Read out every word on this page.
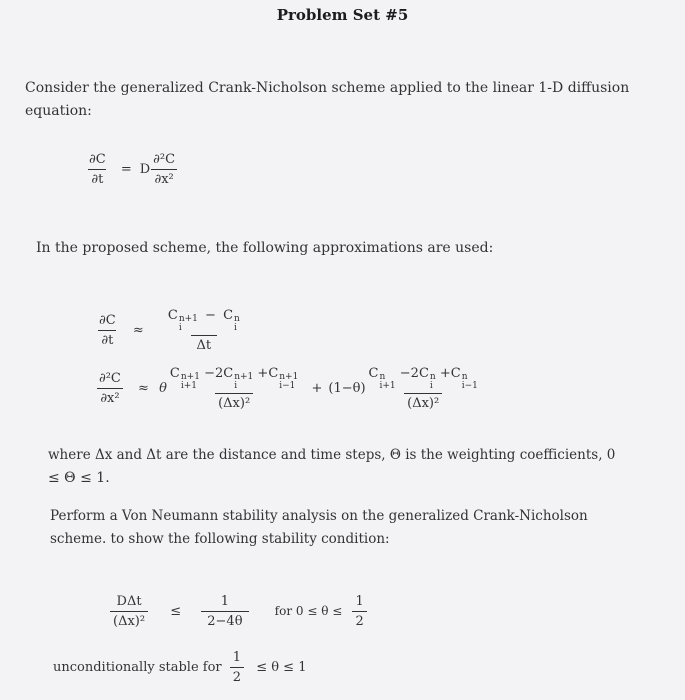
Problem Set #5
Consider the generalized Crank-Nicholson scheme applied to the linear 1-D diffusion
equation:
$\frac{\partial C}{\partial t} = D \frac{\text{∂²C}}{\text{∂x²}}$
In the proposed scheme, the following approximations are used:
$\frac{\partial C}{\partial t} \approx C$ n+1
i
− C n
i
Δt
$\frac{\text{∂²C}}{\text{∂x²}} \approx \theta$ C n+1
i+1
−2C n+1
i
+C n+1
i−1
(Δx)² + (1−θ) C n
i+1
−2C n
i
+C n
i−1
(Δx)²
where Δx and Δt are the distance and time steps, Θ is the weighting coefficients, 0
≤ Θ ≤ 1.
Perform a Von Neumann stability analysis on the generalized Crank-Nicholson
scheme. to show the following stability condition:
$\frac{\text{DΔt}}{\text{(Δx)²}} \le \frac{1}{2-4\theta}$ for $0 \le \theta \le \frac{1}{2}$
unconditionally stable for $\frac{1}{2} \le \theta \le 1$
